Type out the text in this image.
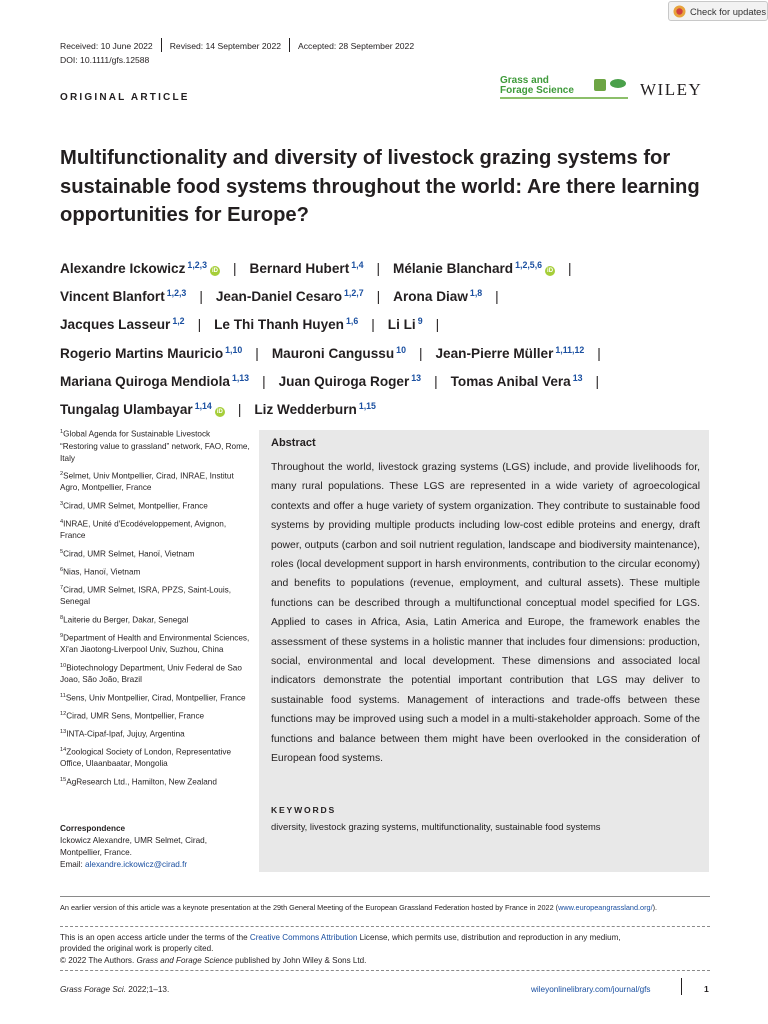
Check for updates
Received: 10 June 2022 Revised: 14 September 2022 Accepted: 28 September 2022
DOI: 10.1111/gfs.12588
ORIGINAL ARTICLE
Grass and
Forage Science	WILEY
Multifunctionality and diversity of livestock grazing systems for sustainable food systems throughout the world: Are there learning opportunities for Europe?
Alexandre Ickowicz $^{1,2,3}$iD | Bernard Hubert $^{1,4}$ | Mélanie Blanchard $^{1,2,5,6}$iD |
Vincent Blanfort $^{1,2,3}$ | Jean-Daniel Cesaro $^{1,2,7}$ | Arona Diaw $^{1,8}$ |
Jacques Lasseur $^{1,2}$ | Le Thi Thanh Huyen $^{1,6}$ | Li Li $^9$ |
Rogerio Martins Mauricio $^{1,10}$ | Mauroni Cangussu $^{10}$ | Jean-Pierre Müller $^{1,11,12}$ |
Mariana Quiroga Mendiola $^{1,13}$ | Juan Quiroga Roger $^{13}$ | Tomas Anibal Vera $^{13}$ |
Tungalag Ulambayar $^{1,14}$iD | Liz Wedderburn $^{1,15}$

$^1$Global Agenda for Sustainable Livestock “Restoring value to grassland” network, FAO, Rome, Italy

$^2$Selmet, Univ Montpellier, Cirad, INRAE, Institut Agro, Montpellier, France

$^3$Cirad, UMR Selmet, Montpellier, France

$^4$INRAE, Unité d'Ecodéveloppement, Avignon, France

$^5$Cirad, UMR Selmet, Hanoï, Vietnam

$^6$Nias, Hanoï, Vietnam

$^7$Cirad, UMR Selmet, ISRA, PPZS, Saint-Louis, Senegal

$^8$Laiterie du Berger, Dakar, Senegal

$^9$Department of Health and Environmental Sciences, Xi'an Jiaotong-Liverpool Univ, Suzhou, China

$^{10}$Biotechnology Department, Univ Federal de Sao Joao, São João, Brazil

$^{11}$Sens, Univ Montpellier, Cirad, Montpellier, France

$^{12}$Cirad, UMR Sens, Montpellier, France

$^{13}$INTA-Cipaf-Ipaf, Jujuy, Argentina

$^{14}$Zoological Society of London, Representative Office, Ulaanbaatar, Mongolia

$^{15}$AgResearch Ltd., Hamilton, New Zealand

Correspondence
Ickowicz Alexandre, UMR Selmet, Cirad,
Montpellier, France.
Email: alexandre.ickowicz@cirad.fr
Abstract
Throughout the world, livestock grazing systems (LGS) include, and provide livelihoods for, many rural populations. These LGS are represented in a wide variety of agroecological contexts and offer a huge variety of system organization. They contribute to sustainable food systems by providing multiple products including low-cost edible proteins and energy, draft power, outputs (carbon and soil nutrient regulation, landscape and biodiversity maintenance), roles (local development support in harsh environments, contribution to the circular economy) and benefits to populations (revenue, employment, and cultural assets). These multiple functions can be described through a multifunctional conceptual model specified for LGS. Applied to cases in Africa, Asia, Latin America and Europe, the framework enables the assessment of these systems in a holistic manner that includes four dimensions: production, social, environmental and local development. These dimensions and associated local indicators demonstrate the potential important contribution that LGS may deliver to sustainable food systems. Management of interactions and trade-offs between these functions may be improved using such a model in a multi-stakeholder approach. Some of the functions and balance between them might have been overlooked in the consideration of European food systems.
KEYWORDS
diversity, livestock grazing systems, multifunctionality, sustainable food systems
An earlier version of this article was a keynote presentation at the 29th General Meeting of the European Grassland Federation hosted by France in 2022 (www.europeangrassland.org/).
This is an open access article under the terms of the Creative Commons Attribution License, which permits use, distribution and reproduction in any medium,
provided the original work is properly cited.
© 2022 The Authors. Grass and Forage Science published by John Wiley & Sons Ltd.
Grass Forage Sci. 2022;1–13.	wileyonlinelibrary.com/journal/gfs	1
